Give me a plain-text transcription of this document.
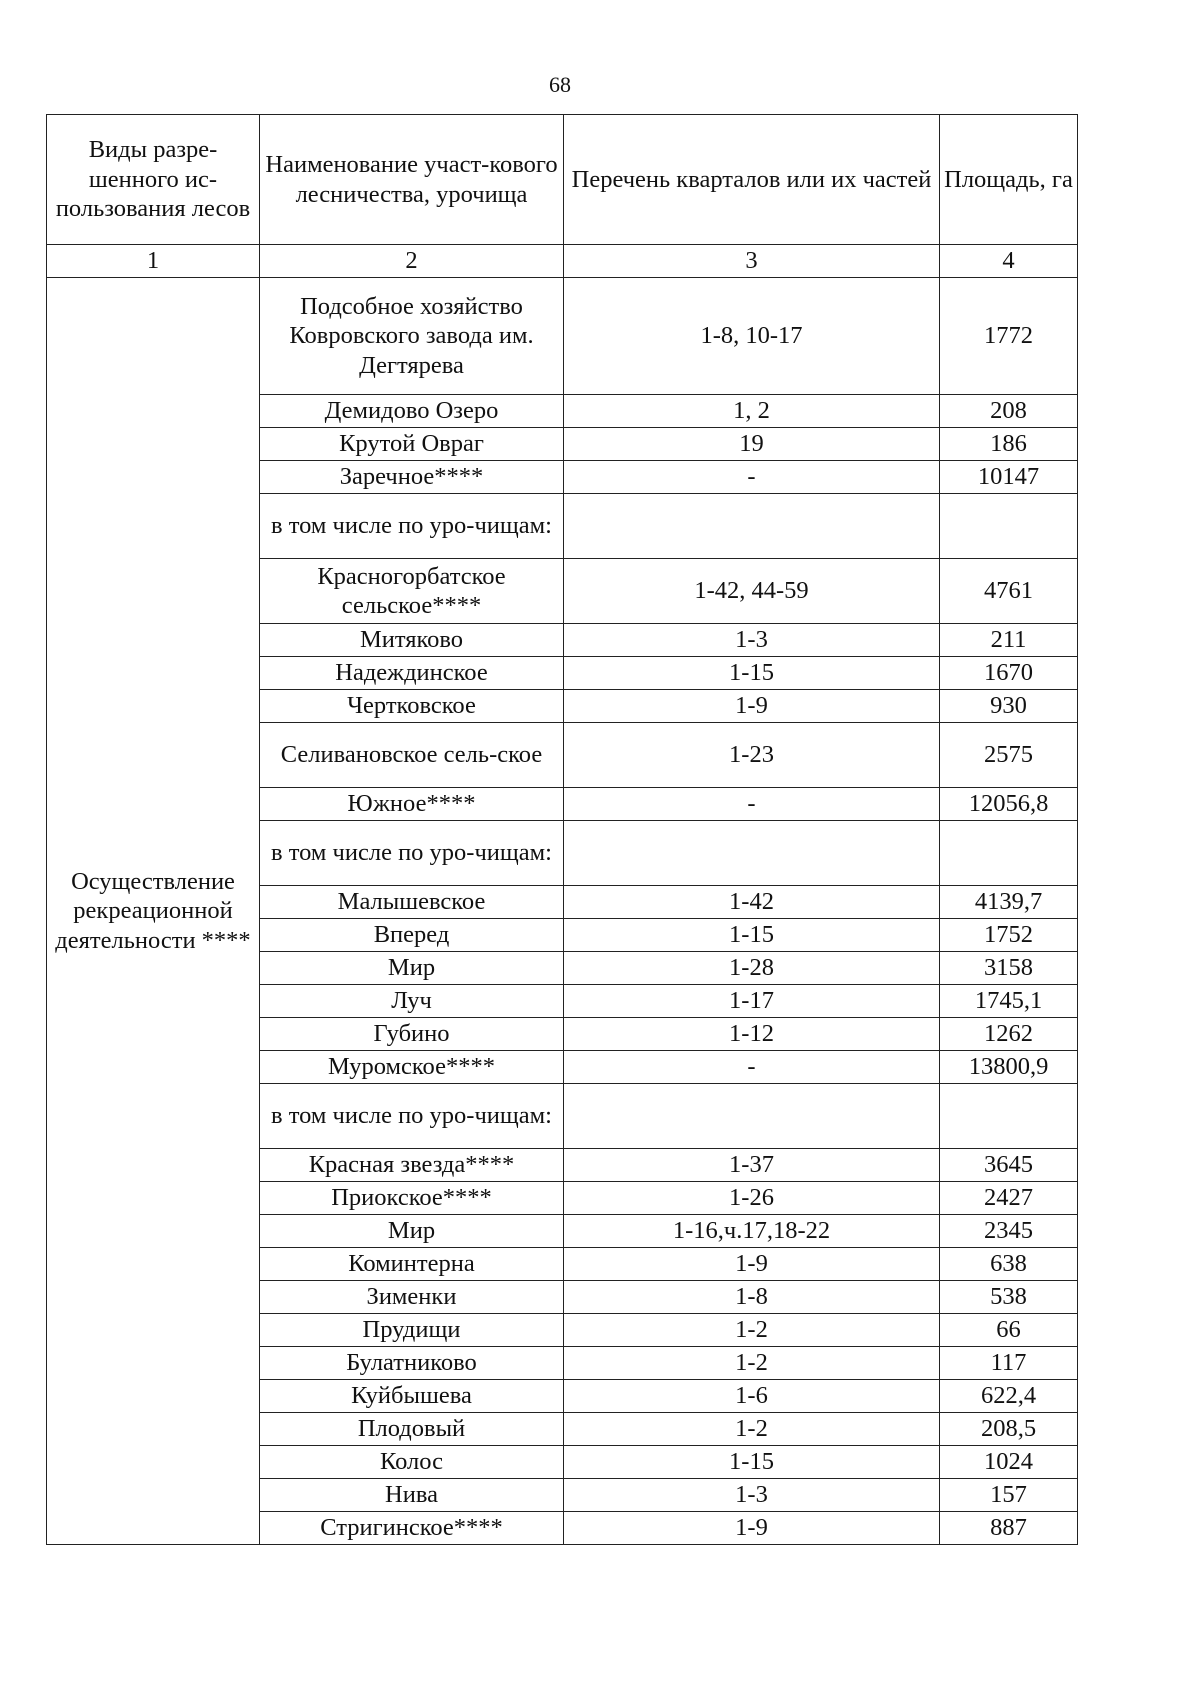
68
Виды разре-шенного ис-пользования лесов	Наименование участ-кового лесничества, урочища	Перечень кварталов или их частей	Площадь, га
1	2	3	4
Осуществление рекреационной деятельности ****	Подсобное хозяйство Ковровского завода им. Дегтярева	1-8, 10-17	1772
	Демидово Озеро	1, 2	208
	Крутой Овраг	19	186
	Заречное****	-	10147
	в том числе по уро-чищам:		
	Красногорбатское сельское****	1-42, 44-59	4761
	Митяково	1-3	211
	Надеждинское	1-15	1670
	Чертковское	1-9	930
	Селивановское сель-ское	1-23	2575
	Южное****	-	12056,8
	в том числе по уро-чищам:		
	Малышевское	1-42	4139,7
	Вперед	1-15	1752
	Мир	1-28	3158
	Луч	1-17	1745,1
	Губино	1-12	1262
	Муромское****	-	13800,9
	в том числе по уро-чищам:		
	Красная звезда****	1-37	3645
	Приокское****	1-26	2427
	Мир	1-16,ч.17,18-22	2345
	Коминтерна	1-9	638
	Зименки	1-8	538
	Прудищи	1-2	66
	Булатниково	1-2	117
	Куйбышева	1-6	622,4
	Плодовый	1-2	208,5
	Колос	1-15	1024
	Нива	1-3	157
	Стригинское****	1-9	887
